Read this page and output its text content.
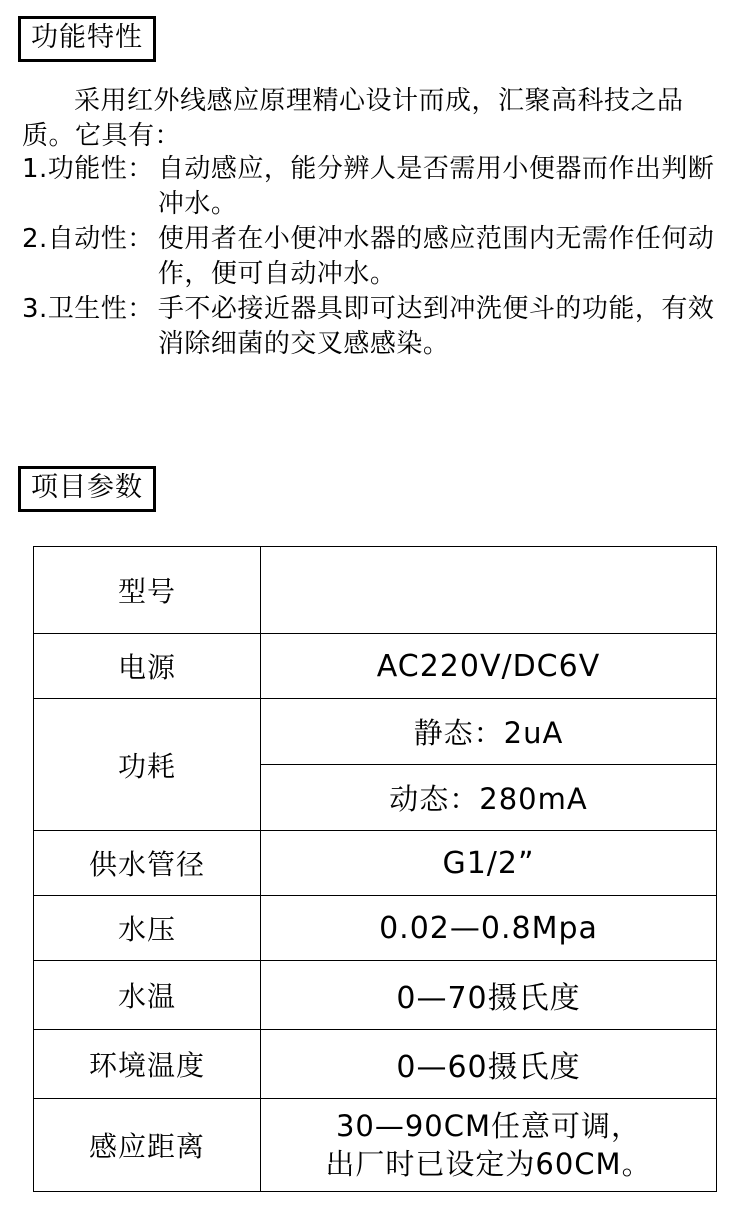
功能特性
采用红外线感应原理精心设计而成，汇聚高科技之品质。它具有：
1.功能性： 自动感应，能分辨人是否需用小便器而作出判断冲水。
2.自动性： 使用者在小便冲水器的感应范围内无需作任何动作，便可自动冲水。
3.卫生性： 手不必接近器具即可达到冲洗便斗的功能，有效消除细菌的交叉感感染。
项目参数
型号	
电源	AC220V/DC6V
功耗	静态：2uA
	动态：280mA
供水管径	G1/2”
水压	0.02—0.8Mpa
水温	0—70摄氏度
环境温度	0—60摄氏度
感应距离	30—90CM任意可调，
出厂时已设定为60CM。
